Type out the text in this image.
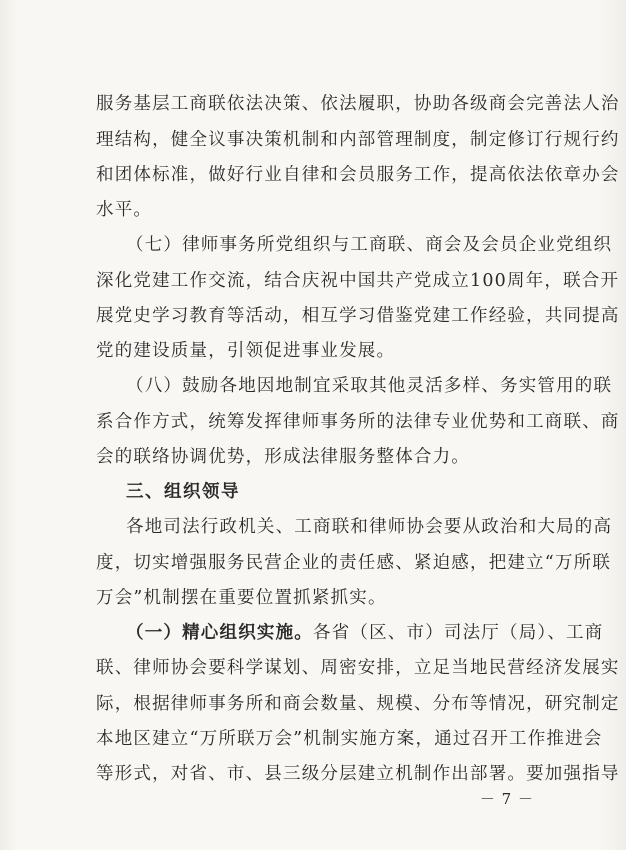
服务基层工商联依法决策、依法履职，协助各级商会完善法人治
理结构，健全议事决策机制和内部管理制度，制定修订行规行约
和团体标准，做好行业自律和会员服务工作，提高依法依章办会
水平。
（七）律师事务所党组织与工商联、商会及会员企业党组织
深化党建工作交流，结合庆祝中国共产党成立100周年，联合开
展党史学习教育等活动，相互学习借鉴党建工作经验，共同提高
党的建设质量，引领促进事业发展。
（八）鼓励各地因地制宜采取其他灵活多样、务实管用的联
系合作方式，统筹发挥律师事务所的法律专业优势和工商联、商
会的联络协调优势，形成法律服务整体合力。
三、组织领导
各地司法行政机关、工商联和律师协会要从政治和大局的高
度，切实增强服务民营企业的责任感、紧迫感，把建立“万所联
万会”机制摆在重要位置抓紧抓实。
（一）精心组织实施。各省（区、市）司法厅（局）、工商
联、律师协会要科学谋划、周密安排，立足当地民营经济发展实
际，根据律师事务所和商会数量、规模、分布等情况，研究制定
本地区建立“万所联万会”机制实施方案，通过召开工作推进会
等形式，对省、市、县三级分层建立机制作出部署。要加强指导
－ 7 －
